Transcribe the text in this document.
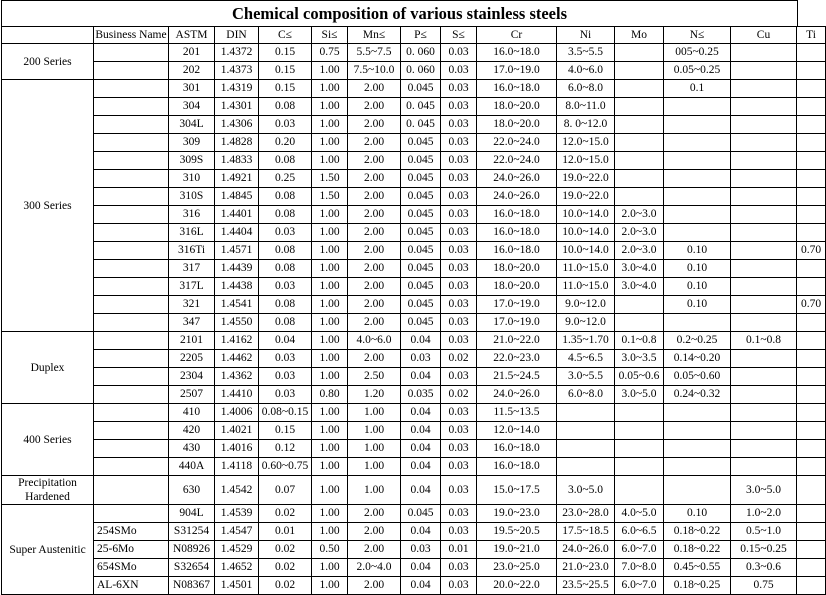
Chemical composition of various stainless steels
	Business Name	ASTM	DIN	C≤	Si≤	Mn≤	P≤	S≤	Cr	Ni	Mo	N≤	Cu	Ti
200 Series		201	1.4372	0.15	0.75	5.5~7.5	0. 060	0.03	16.0~18.0	3.5~5.5		005~0.25		
		202	1.4373	0.15	1.00	7.5~10.0	0. 060	0.03	17.0~19.0	4.0~6.0		0.05~0.25		
300 Series		301	1.4319	0.15	1.00	2.00	0.045	0.03	16.0~18.0	6.0~8.0		0.1		
		304	1.4301	0.08	1.00	2.00	0. 045	0.03	18.0~20.0	8.0~11.0				
		304L	1.4306	0.03	1.00	2.00	0. 045	0.03	18.0~20.0	8. 0~12.0				
		309	1.4828	0.20	1.00	2.00	0.045	0.03	22.0~24.0	12.0~15.0				
		309S	1.4833	0.08	1.00	2.00	0.045	0.03	22.0~24.0	12.0~15.0				
		310	1.4921	0.25	1.50	2.00	0.045	0.03	24.0~26.0	19.0~22.0				
		310S	1.4845	0.08	1.50	2.00	0.045	0.03	24.0~26.0	19.0~22.0				
		316	1.4401	0.08	1.00	2.00	0.045	0.03	16.0~18.0	10.0~14.0	2.0~3.0			
		316L	1.4404	0.03	1.00	2.00	0.045	0.03	16.0~18.0	10.0~14.0	2.0~3.0			
		316Ti	1.4571	0.08	1.00	2.00	0.045	0.03	16.0~18.0	10.0~14.0	2.0~3.0	0.10		0.70
		317	1.4439	0.08	1.00	2.00	0.045	0.03	18.0~20.0	11.0~15.0	3.0~4.0	0.10		
		317L	1.4438	0.03	1.00	2.00	0.045	0.03	18.0~20.0	11.0~15.0	3.0~4.0	0.10		
		321	1.4541	0.08	1.00	2.00	0.045	0.03	17.0~19.0	9.0~12.0		0.10		0.70
		347	1.4550	0.08	1.00	2.00	0.045	0.03	17.0~19.0	9.0~12.0				
Duplex		2101	1.4162	0.04	1.00	4.0~6.0	0.04	0.03	21.0~22.0	1.35~1.70	0.1~0.8	0.2~0.25	0.1~0.8	
		2205	1.4462	0.03	1.00	2.00	0.03	0.02	22.0~23.0	4.5~6.5	3.0~3.5	0.14~0.20		
		2304	1.4362	0.03	1.00	2.50	0.04	0.03	21.5~24.5	3.0~5.5	0.05~0.6	0.05~0.60		
		2507	1.4410	0.03	0.80	1.20	0.035	0.02	24.0~26.0	6.0~8.0	3.0~5.0	0.24~0.32		
400 Series		410	1.4006	0.08~0.15	1.00	1.00	0.04	0.03	11.5~13.5					
		420	1.4021	0.15	1.00	1.00	0.04	0.03	12.0~14.0					
		430	1.4016	0.12	1.00	1.00	0.04	0.03	16.0~18.0					
		440A	1.4118	0.60~0.75	1.00	1.00	0.04	0.03	16.0~18.0					
Precipitation Hardened		630	1.4542	0.07	1.00	1.00	0.04	0.03	15.0~17.5	3.0~5.0			3.0~5.0	
Super Austenitic		904L	1.4539	0.02	1.00	2.00	0.045	0.03	19.0~23.0	23.0~28.0	4.0~5.0	0.10	1.0~2.0	
	254SMo	S31254	1.4547	0.01	1.00	2.00	0.04	0.03	19.5~20.5	17.5~18.5	6.0~6.5	0.18~0.22	0.5~1.0	
	25-6Mo	N08926	1.4529	0.02	0.50	2.00	0.03	0.01	19.0~21.0	24.0~26.0	6.0~7.0	0.18~0.22	0.15~0.25	
	654SMo	S32654	1.4652	0.02	1.00	2.0~4.0	0.04	0.03	23.0~25.0	21.0~23.0	7.0~8.0	0.45~0.55	0.3~0.6	
	AL-6XN	N08367	1.4501	0.02	1.00	2.00	0.04	0.03	20.0~22.0	23.5~25.5	6.0~7.0	0.18~0.25	0.75	
